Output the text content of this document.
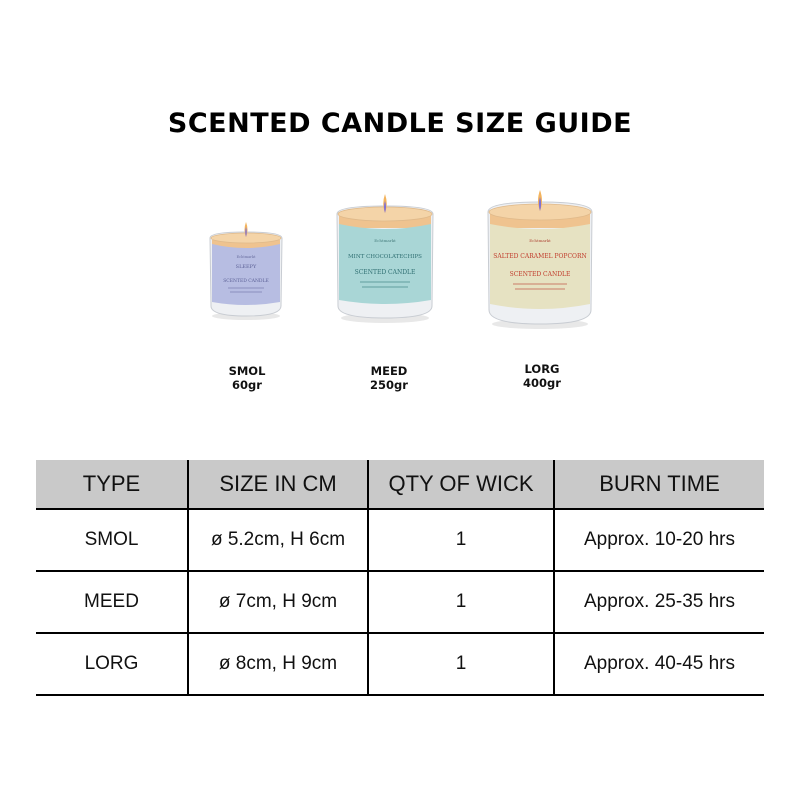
SCENTED CANDLE SIZE GUIDE
Echtmarkt
SLEEPY
SCENTED CANDLE
SMOL
60gr
Echtmarkt
MINT CHOCOLATECHIPS
SCENTED CANDLE
MEED
250gr
Echtmarkt
SALTED CARAMEL POPCORN
SCENTED CANDLE
LORG
400gr
TYPE	SIZE IN CM	QTY OF WICK	BURN TIME
SMOL	ø 5.2cm, H 6cm	1	Approx. 10-20 hrs
MEED	ø 7cm, H 9cm	1	Approx. 25-35 hrs
LORG	ø 8cm, H 9cm	1	Approx. 40-45 hrs
